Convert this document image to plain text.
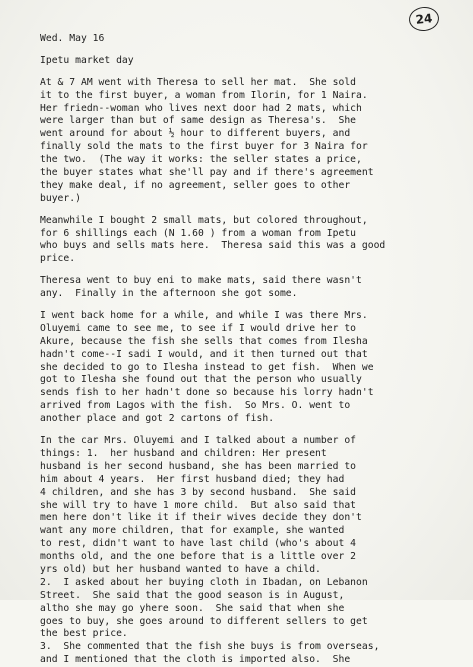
24
Wed. May 16
Ipetu market day
At & 7 AM went with Theresa to sell her mat.  She sold
it to the first buyer, a woman from Ilorin, for 1 Naira.
Her friedn--woman who lives next door had 2 mats, which
were larger than but of same design as Theresa's.  She
went around for about ½ hour to different buyers, and
finally sold the mats to the first buyer for 3 Naira for
the two.  (The way it works: the seller states a price,
the buyer states what she'll pay and if there's agreement
they make deal, if no agreement, seller goes to other
buyer.)
Meanwhile I bought 2 small mats, but colored throughout,
for 6 shillings each (N 1.60 ) from a woman from Ipetu
who buys and sells mats here.  Theresa said this was a good
price.
Theresa went to buy eni to make mats, said there wasn't
any.  Finally in the afternoon she got some.
I went back home for a while, and while I was there Mrs.
Oluyemi came to see me, to see if I would drive her to
Akure, because the fish she sells that comes from Ilesha
hadn't come--I sadi I would, and it then turned out that
she decided to go to Ilesha instead to get fish.  When we
got to Ilesha she found out that the person who usually
sends fish to her hadn't done so because his lorry hadn't
arrived from Lagos with the fish.  So Mrs. O. went to
another place and got 2 cartons of fish.
In the car Mrs. Oluyemi and I talked about a number of
things: 1.  her husband and children: Her present
husband is her second husband, she has been married to
him about 4 years.  Her first husband died; they had
4 children, and she has 3 by second husband.  She said
she will try to have 1 more child.  But also said that
men here don't like it if their wives decide they don't
want any more children, that for example, she wanted
to rest, didn't want to have last child (who's about 4
months old, and the one before that is a little over 2
yrs old) but her husband wanted to have a child.
2.  I asked about her buying cloth in Ibadan, on Lebanon
Street.  She said that the good season is in August,
altho she may go yhere soon.  She said that when she
goes to buy, she goes around to different sellers to get
the best price.
3.  She commented that the fish she buys is from overseas,
and I mentioned that the cloth is imported also.  She
